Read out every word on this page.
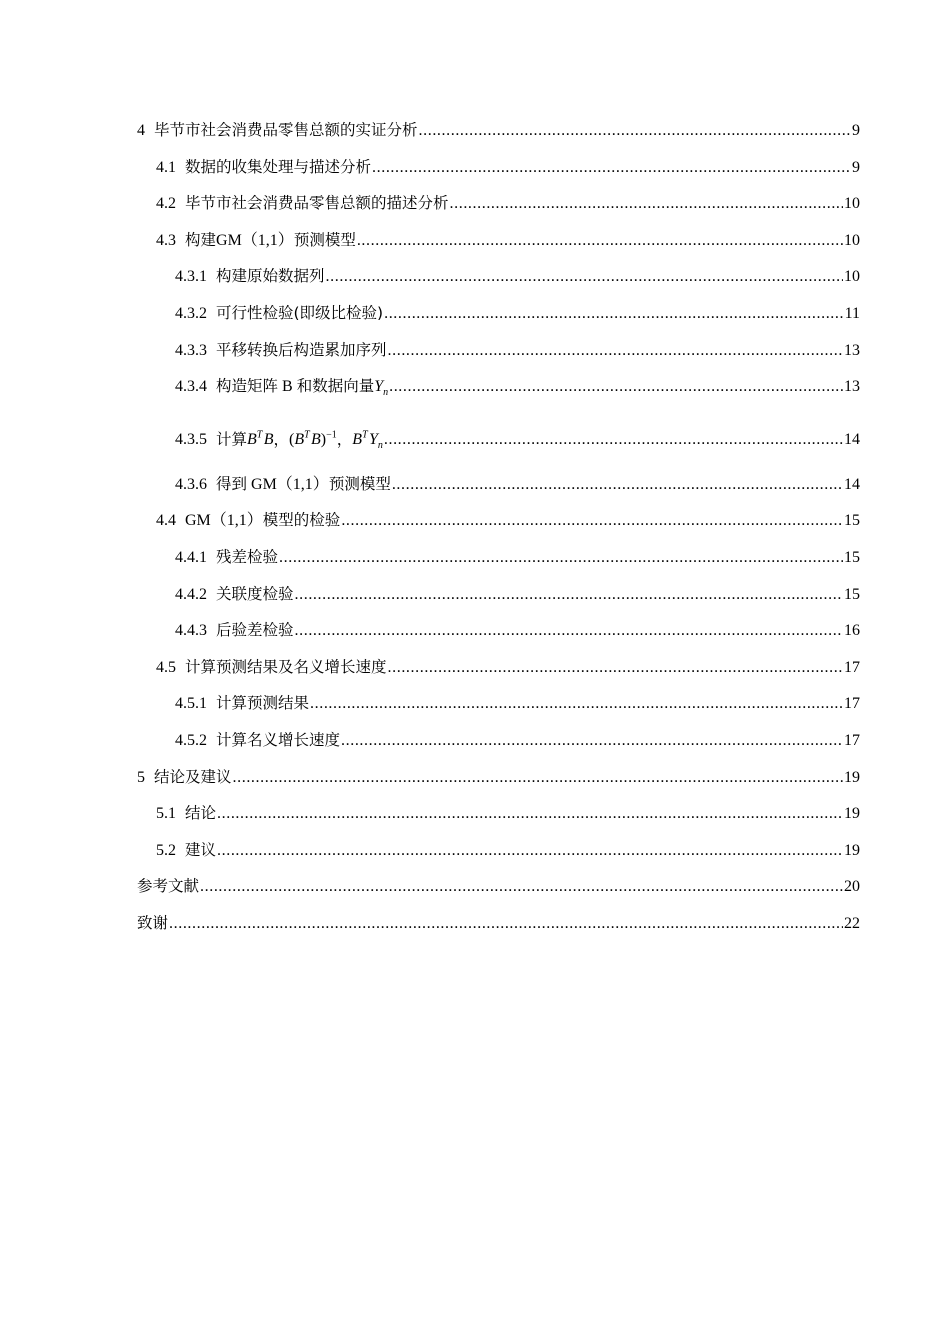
4 毕节市社会消费品零售总额的实证分析 .....	9
4.1 数据的收集处理与描述分析 .....	9
4.2 毕节市社会消费品零售总额的描述分析 .....	10
4.3 构建GM（1,1）预测模型 .....	10
4.3.1 构建原始数据列 .....	10
4.3.2 可行性检验(即级比检验) .....	11
4.3.3 平移转换后构造累加序列 .....	13
4.3.4 构造矩阵 B 和数据向量$Y_n$ .....	13
4.3.5 计算$B^T$ B，($B^T$ B)$^{-1}$，$B^T$ $Y_n$ .....	14
4.3.6 得到 GM（1,1）预测模型 .....	14
4.4 GM（1,1）模型的检验 .....	15
4.4.1 残差检验 .....	15
4.4.2 关联度检验 .....	15
4.4.3 后验差检验 .....	16
4.5 计算预测结果及名义增长速度 .....	17
4.5.1 计算预测结果 .....	17
4.5.2 计算名义增长速度 .....	17
5 结论及建议 .....	19
5.1 结论 .....	19
5.2 建议 .....	19
参考文献 .....	20
致谢 .....	22
